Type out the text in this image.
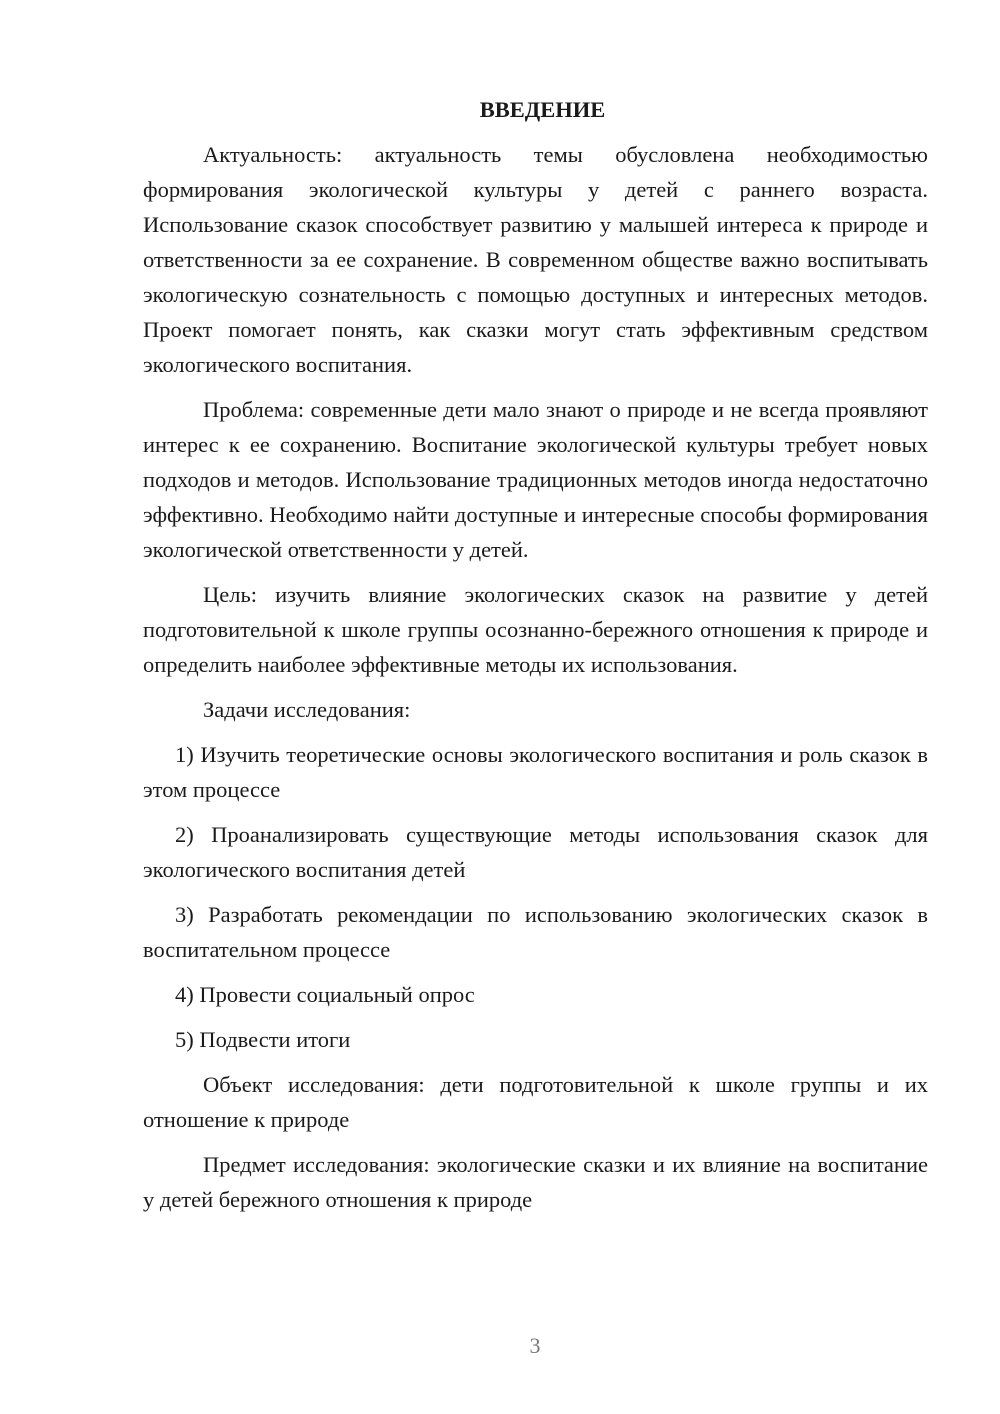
ВВЕДЕНИЕ

Актуальность: актуальность темы обусловлена необходимостью формирования экологической культуры у детей с раннего возраста. Использование сказок способствует развитию у малышей интереса к природе и ответственности за ее сохранение. В современном обществе важно воспитывать экологическую сознательность с помощью доступных и интересных методов. Проект помогает понять, как сказки могут стать эффективным средством экологического воспитания.

Проблема: современные дети мало знают о природе и не всегда проявляют интерес к ее сохранению. Воспитание экологической культуры требует новых подходов и методов. Использование традиционных методов иногда недостаточно эффективно. Необходимо найти доступные и интересные способы формирования экологической ответственности у детей.

Цель: изучить влияние экологических сказок на развитие у детей подготовительной к школе группы осознанно-бережного отношения к природе и определить наиболее эффективные методы их использования.

Задачи исследования:

1) Изучить теоретические основы экологического воспитания и роль сказок в этом процессе

2) Проанализировать существующие методы использования сказок для экологического воспитания детей

3) Разработать рекомендации по использованию экологических сказок в воспитательном процессе

4) Провести социальный опрос

5) Подвести итоги

Объект исследования: дети подготовительной к школе группы и их отношение к природе

Предмет исследования: экологические сказки и их влияние на воспитание у детей бережного отношения к природе

3
